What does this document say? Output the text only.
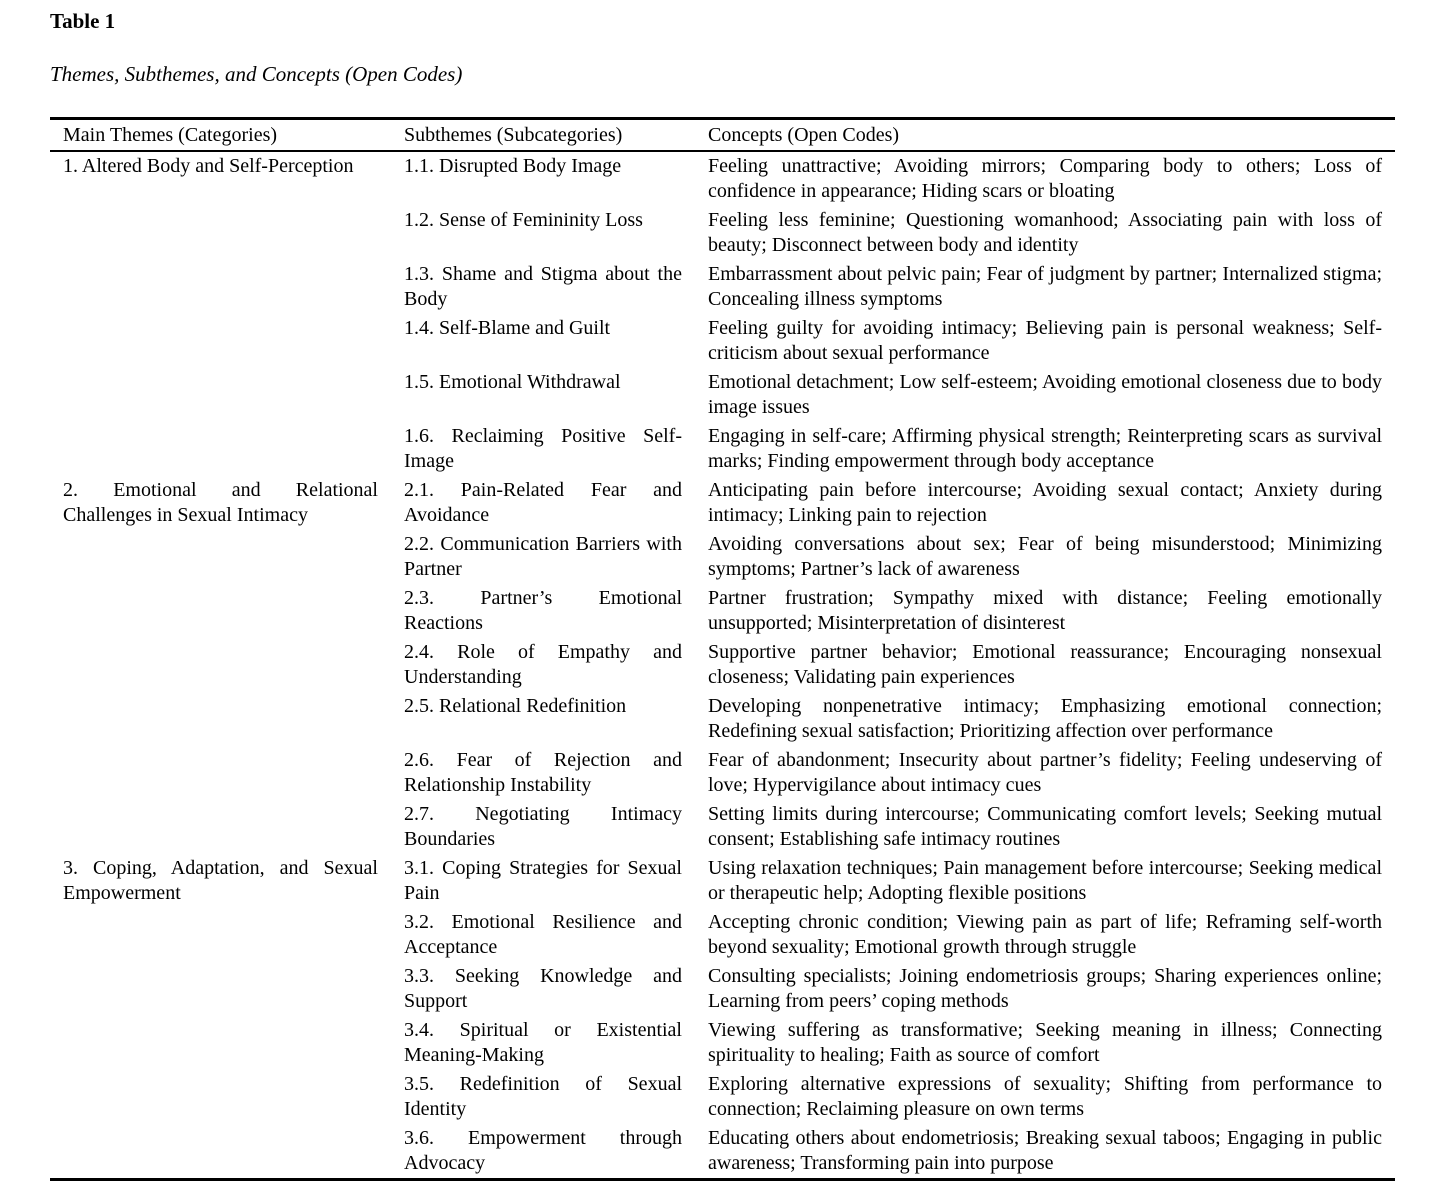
Table 1

Themes, Subthemes, and Concepts (Open Codes)

Main Themes (Categories)	Subthemes (Subcategories)	Concepts (Open Codes)
1. Altered Body and Self-Perception	1.1. Disrupted Body Image	Feeling unattractive; Avoiding mirrors; Comparing body to others; Loss of confidence in appearance; Hiding scars or bloating
	1.2. Sense of Femininity Loss	Feeling less feminine; Questioning womanhood; Associating pain with loss of beauty; Disconnect between body and identity
	1.3. Shame and Stigma about the Body	Embarrassment about pelvic pain; Fear of judgment by partner; Internalized stigma; Concealing illness symptoms
	1.4. Self-Blame and Guilt	Feeling guilty for avoiding intimacy; Believing pain is personal weakness; Self-criticism about sexual performance
	1.5. Emotional Withdrawal	Emotional detachment; Low self-esteem; Avoiding emotional closeness due to body image issues
	1.6. Reclaiming Positive Self-Image	Engaging in self-care; Affirming physical strength; Reinterpreting scars as survival marks; Finding empowerment through body acceptance
2. Emotional and Relational Challenges in Sexual Intimacy	2.1. Pain-Related Fear and Avoidance	Anticipating pain before intercourse; Avoiding sexual contact; Anxiety during intimacy; Linking pain to rejection
	2.2. Communication Barriers with Partner	Avoiding conversations about sex; Fear of being misunderstood; Minimizing symptoms; Partner’s lack of awareness
	2.3. Partner’s Emotional Reactions	Partner frustration; Sympathy mixed with distance; Feeling emotionally unsupported; Misinterpretation of disinterest
	2.4. Role of Empathy and Understanding	Supportive partner behavior; Emotional reassurance; Encouraging nonsexual closeness; Validating pain experiences
	2.5. Relational Redefinition	Developing nonpenetrative intimacy; Emphasizing emotional connection; Redefining sexual satisfaction; Prioritizing affection over performance
	2.6. Fear of Rejection and Relationship Instability	Fear of abandonment; Insecurity about partner’s fidelity; Feeling undeserving of love; Hypervigilance about intimacy cues
	2.7. Negotiating Intimacy Boundaries	Setting limits during intercourse; Communicating comfort levels; Seeking mutual consent; Establishing safe intimacy routines
3. Coping, Adaptation, and Sexual Empowerment	3.1. Coping Strategies for Sexual Pain	Using relaxation techniques; Pain management before intercourse; Seeking medical or therapeutic help; Adopting flexible positions
	3.2. Emotional Resilience and Acceptance	Accepting chronic condition; Viewing pain as part of life; Reframing self-worth beyond sexuality; Emotional growth through struggle
	3.3. Seeking Knowledge and Support	Consulting specialists; Joining endometriosis groups; Sharing experiences online; Learning from peers’ coping methods
	3.4. Spiritual or Existential Meaning-Making	Viewing suffering as transformative; Seeking meaning in illness; Connecting spirituality to healing; Faith as source of comfort
	3.5. Redefinition of Sexual Identity	Exploring alternative expressions of sexuality; Shifting from performance to connection; Reclaiming pleasure on own terms
	3.6. Empowerment through Advocacy	Educating others about endometriosis; Breaking sexual taboos; Engaging in public awareness; Transforming pain into purpose
